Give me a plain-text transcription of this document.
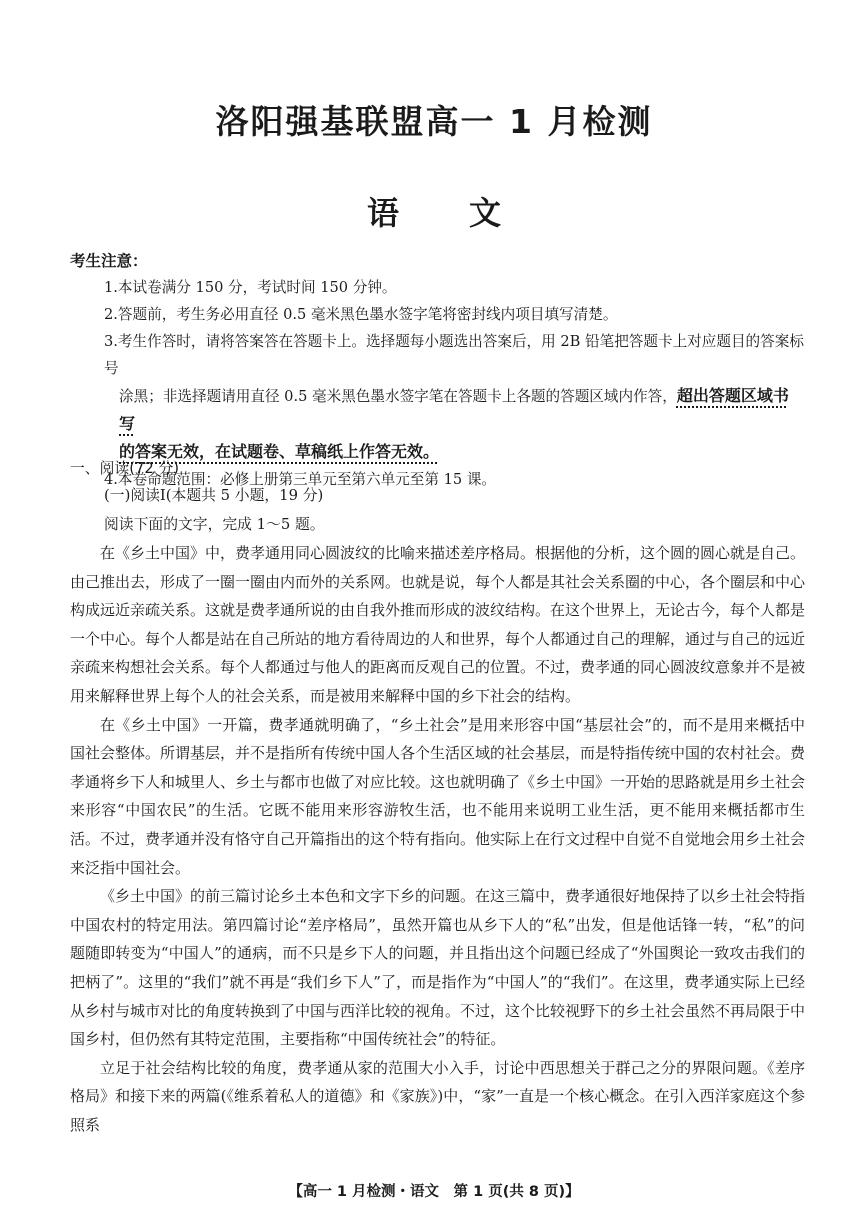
洛阳强基联盟高一 1 月检测
语文
考生注意：
1.本试卷满分 150 分，考试时间 150 分钟。
2.答题前，考生务必用直径 0.5 毫米黑色墨水签字笔将密封线内项目填写清楚。
3.考生作答时，请将答案答在答题卡上。选择题每小题选出答案后，用 2B 铅笔把答题卡上对应题目的答案标号
涂黑；非选择题请用直径 0.5 毫米黑色墨水签字笔在答题卡上各题的答题区域内作答，超出答题区域书写
的答案无效，在试题卷、草稿纸上作答无效。
4.本卷命题范围：必修上册第三单元至第六单元至第 15 课。
一、阅读(72 分)
(一)阅读Ⅰ(本题共 5 小题，19 分)
阅读下面的文字，完成 1～5 题。

在《乡土中国》中，费孝通用同心圆波纹的比喻来描述差序格局。根据他的分析，这个圆的圆心就是自己。由己推出去，形成了一圈一圈由内而外的关系网。也就是说，每个人都是其社会关系圈的中心，各个圈层和中心构成远近亲疏关系。这就是费孝通所说的由自我外推而形成的波纹结构。在这个世界上，无论古今，每个人都是一个中心。每个人都是站在自己所站的地方看待周边的人和世界，每个人都通过自己的理解，通过与自己的远近亲疏来构想社会关系。每个人都通过与他人的距离而反观自己的位置。不过，费孝通的同心圆波纹意象并不是被用来解释世界上每个人的社会关系，而是被用来解释中国的乡下社会的结构。

在《乡土中国》一开篇，费孝通就明确了，“乡土社会”是用来形容中国“基层社会”的，而不是用来概括中国社会整体。所谓基层，并不是指所有传统中国人各个生活区域的社会基层，而是特指传统中国的农村社会。费孝通将乡下人和城里人、乡土与都市也做了对应比较。这也就明确了《乡土中国》一开始的思路就是用乡土社会来形容“中国农民”的生活。它既不能用来形容游牧生活，也不能用来说明工业生活，更不能用来概括都市生活。不过，费孝通并没有恪守自己开篇指出的这个特有指向。他实际上在行文过程中自觉不自觉地会用乡土社会来泛指中国社会。

《乡土中国》的前三篇讨论乡土本色和文字下乡的问题。在这三篇中，费孝通很好地保持了以乡土社会特指中国农村的特定用法。第四篇讨论“差序格局”，虽然开篇也从乡下人的“私”出发，但是他话锋一转，“私”的问题随即转变为“中国人”的通病，而不只是乡下人的问题，并且指出这个问题已经成了“外国舆论一致攻击我们的把柄了”。这里的“我们”就不再是“我们乡下人”了，而是指作为“中国人”的“我们”。在这里，费孝通实际上已经从乡村与城市对比的角度转换到了中国与西洋比较的视角。不过，这个比较视野下的乡土社会虽然不再局限于中国乡村，但仍然有其特定范围，主要指称“中国传统社会”的特征。

立足于社会结构比较的角度，费孝通从家的范围大小入手，讨论中西思想关于群己之分的界限问题。《差序格局》和接下来的两篇(《维系着私人的道德》和《家族》)中，“家”一直是一个核心概念。在引入西洋家庭这个参照系

【高一 1 月检测・语文　第 1 页(共 8 页)】
